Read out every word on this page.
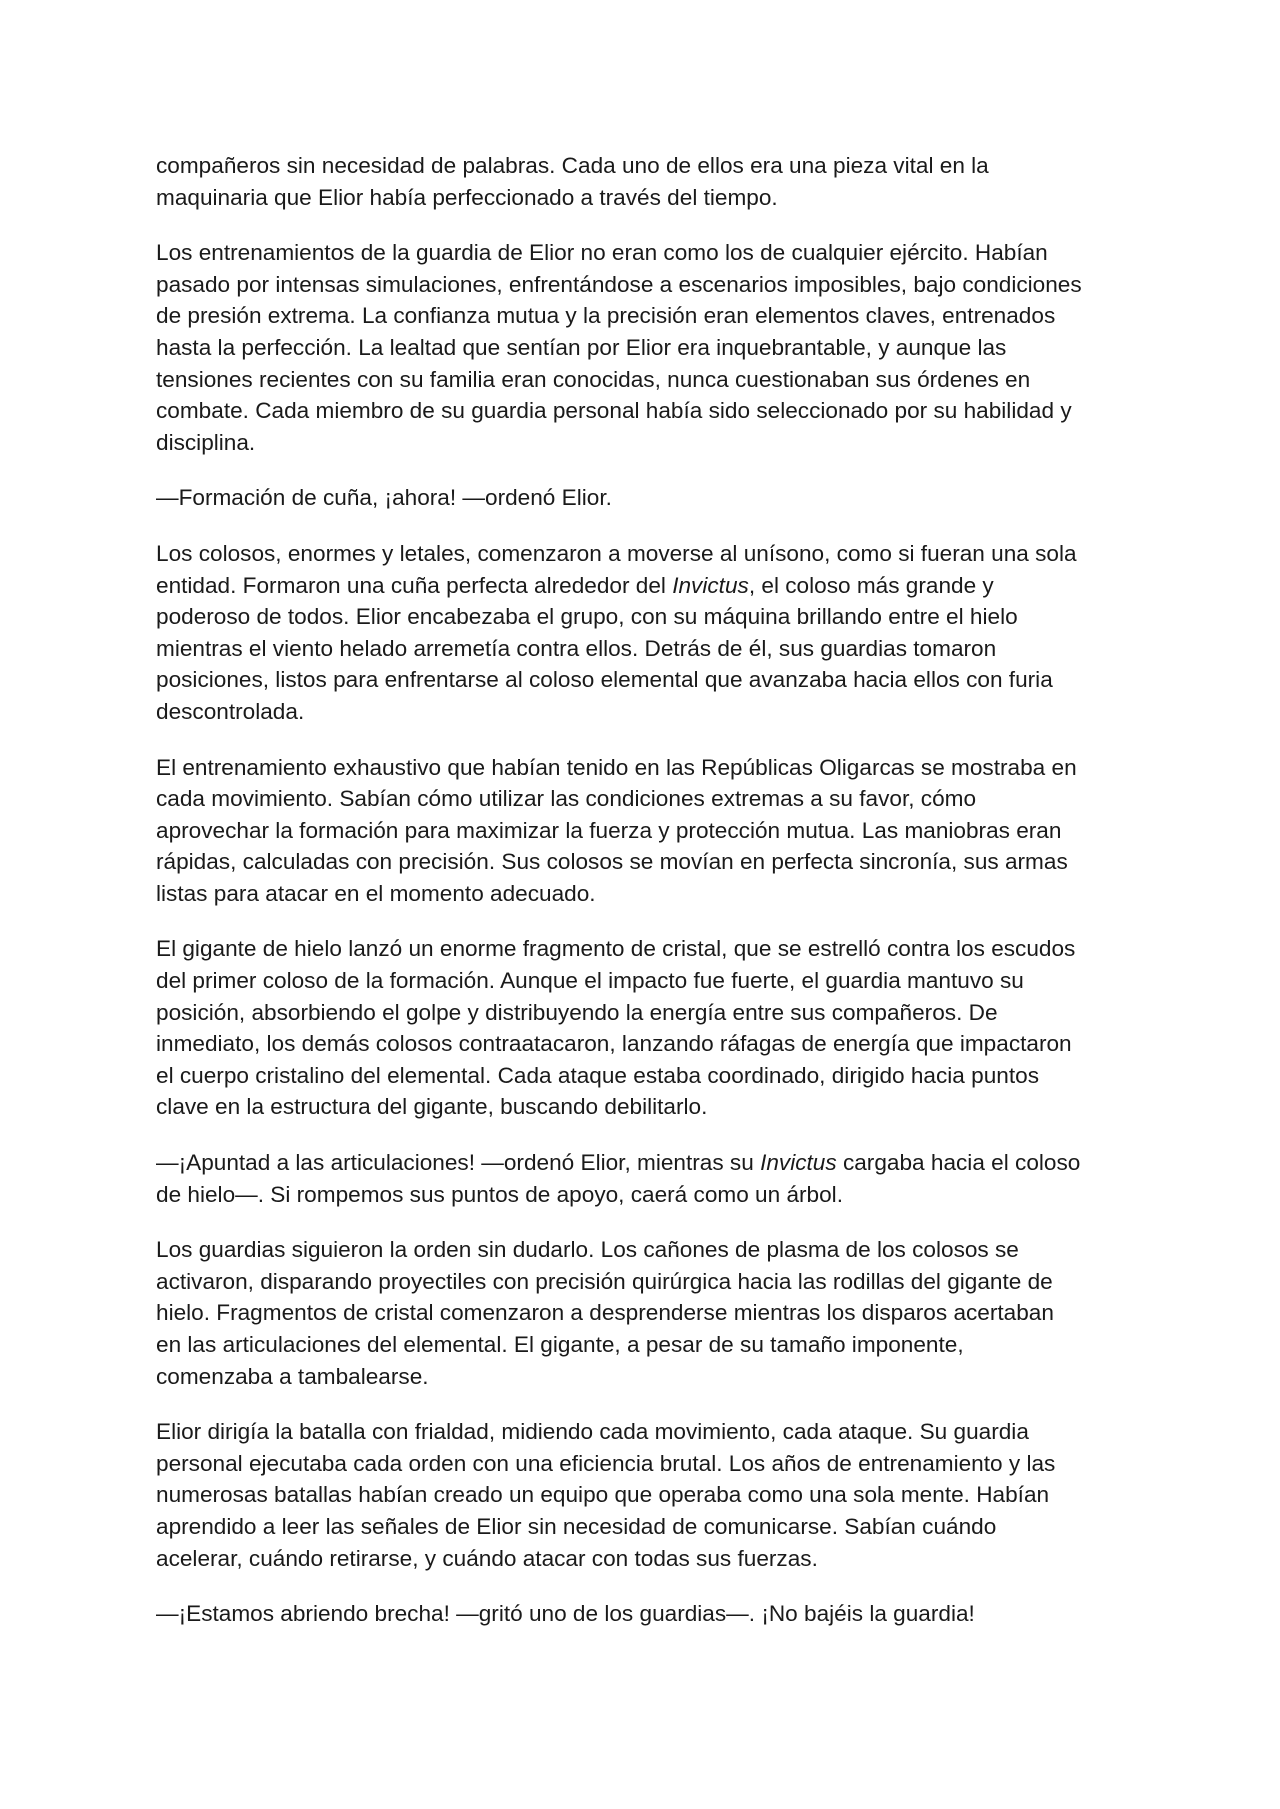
compañeros sin necesidad de palabras. Cada uno de ellos era una pieza vital en la
maquinaria que Elior había perfeccionado a través del tiempo.

Los entrenamientos de la guardia de Elior no eran como los de cualquier ejército. Habían
pasado por intensas simulaciones, enfrentándose a escenarios imposibles, bajo condiciones
de presión extrema. La confianza mutua y la precisión eran elementos claves, entrenados
hasta la perfección. La lealtad que sentían por Elior era inquebrantable, y aunque las
tensiones recientes con su familia eran conocidas, nunca cuestionaban sus órdenes en
combate. Cada miembro de su guardia personal había sido seleccionado por su habilidad y
disciplina.

—Formación de cuña, ¡ahora! —ordenó Elior.

Los colosos, enormes y letales, comenzaron a moverse al unísono, como si fueran una sola
entidad. Formaron una cuña perfecta alrededor del Invictus, el coloso más grande y
poderoso de todos. Elior encabezaba el grupo, con su máquina brillando entre el hielo
mientras el viento helado arremetía contra ellos. Detrás de él, sus guardias tomaron
posiciones, listos para enfrentarse al coloso elemental que avanzaba hacia ellos con furia
descontrolada.

El entrenamiento exhaustivo que habían tenido en las Repúblicas Oligarcas se mostraba en
cada movimiento. Sabían cómo utilizar las condiciones extremas a su favor, cómo
aprovechar la formación para maximizar la fuerza y protección mutua. Las maniobras eran
rápidas, calculadas con precisión. Sus colosos se movían en perfecta sincronía, sus armas
listas para atacar en el momento adecuado.

El gigante de hielo lanzó un enorme fragmento de cristal, que se estrelló contra los escudos
del primer coloso de la formación. Aunque el impacto fue fuerte, el guardia mantuvo su
posición, absorbiendo el golpe y distribuyendo la energía entre sus compañeros. De
inmediato, los demás colosos contraatacaron, lanzando ráfagas de energía que impactaron
el cuerpo cristalino del elemental. Cada ataque estaba coordinado, dirigido hacia puntos
clave en la estructura del gigante, buscando debilitarlo.

—¡Apuntad a las articulaciones! —ordenó Elior, mientras su Invictus cargaba hacia el coloso
de hielo—. Si rompemos sus puntos de apoyo, caerá como un árbol.

Los guardias siguieron la orden sin dudarlo. Los cañones de plasma de los colosos se
activaron, disparando proyectiles con precisión quirúrgica hacia las rodillas del gigante de
hielo. Fragmentos de cristal comenzaron a desprenderse mientras los disparos acertaban
en las articulaciones del elemental. El gigante, a pesar de su tamaño imponente,
comenzaba a tambalearse.

Elior dirigía la batalla con frialdad, midiendo cada movimiento, cada ataque. Su guardia
personal ejecutaba cada orden con una eficiencia brutal. Los años de entrenamiento y las
numerosas batallas habían creado un equipo que operaba como una sola mente. Habían
aprendido a leer las señales de Elior sin necesidad de comunicarse. Sabían cuándo
acelerar, cuándo retirarse, y cuándo atacar con todas sus fuerzas.

—¡Estamos abriendo brecha! —gritó uno de los guardias—. ¡No bajéis la guardia!
